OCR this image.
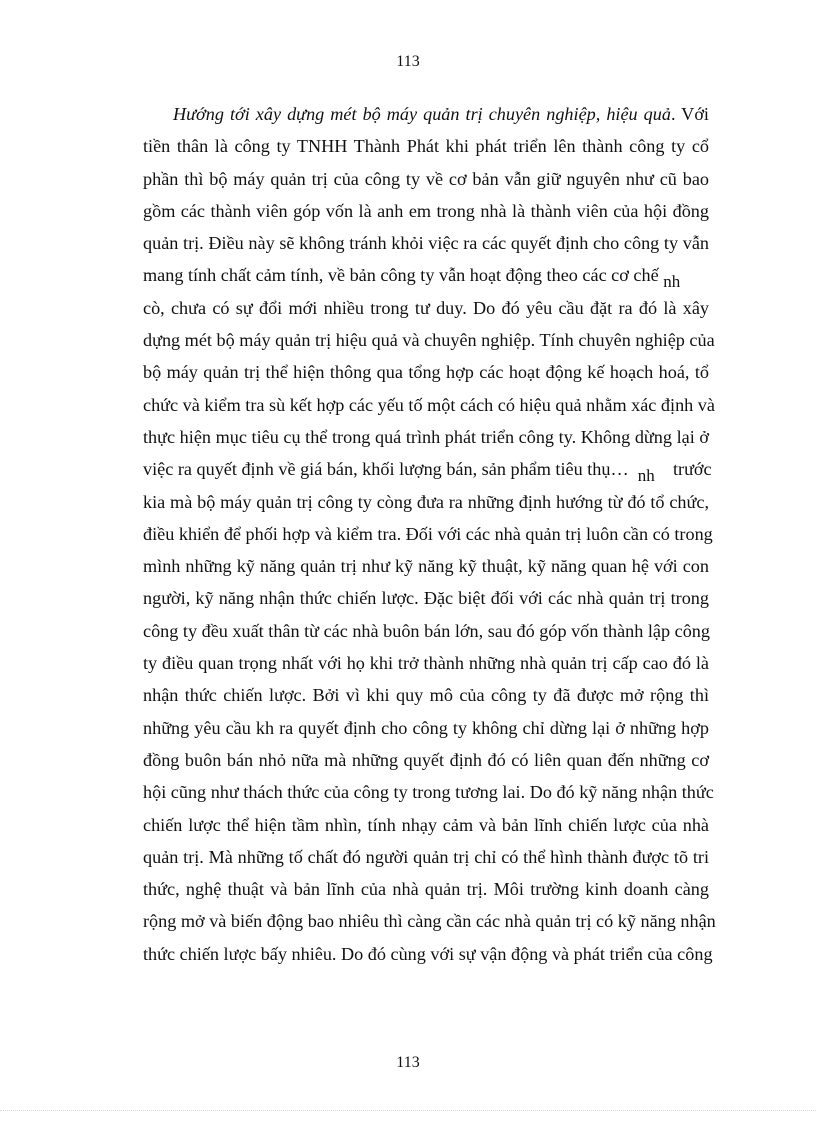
113
Hướng tới xây dựng mét bộ máy quản trị chuyên nghiệp, hiệu quả. Với
tiền thân là công ty TNHH Thành Phát khi phát triển lên thành công ty cổ
phần thì bộ máy quản trị của công ty về cơ bản vẫn giữ nguyên như cũ bao
gồm các thành viên góp vốn là anh em trong nhà là thành viên của hội đồng
quản trị. Điều này sẽ không tránh khỏi việc ra các quyết định cho công ty vẫn
mang tính chất cảm tính, về bản công ty vẫn hoạt động theo các cơ chế nh
cò, chưa có sự đổi mới nhiều trong tư duy. Do đó yêu cầu đặt ra đó là xây
dựng mét bộ máy quản trị hiệu quả và chuyên nghiệp. Tính chuyên nghiệp của
bộ máy quản trị thể hiện thông qua tổng hợp các hoạt động kế hoạch hoá, tổ
chức và kiểm tra sù kết hợp các yếu tố một cách có hiệu quả nhằm xác định và
thực hiện mục tiêu cụ thể trong quá trình phát triển công ty. Không dừng lại ở
việc ra quyết định về giá bán, khối lượng bán, sản phẩm tiêu thụ… nh trước
kia mà bộ máy quản trị công ty còng đưa ra những định hướng từ đó tổ chức,
điều khiển để phối hợp và kiểm tra. Đối với các nhà quản trị luôn cần có trong
mình những kỹ năng quản trị như kỹ năng kỹ thuật, kỹ năng quan hệ với con
người, kỹ năng nhận thức chiến lược. Đặc biệt đối với các nhà quản trị trong
công ty đều xuất thân từ các nhà buôn bán lớn, sau đó góp vốn thành lập công
ty điều quan trọng nhất với họ khi trở thành những nhà quản trị cấp cao đó là
nhận thức chiến lược. Bởi vì khi quy mô của công ty đã được mở rộng thì
những yêu cầu kh ra quyết định cho công ty không chỉ dừng lại ở những hợp
đồng buôn bán nhỏ nữa mà những quyết định đó có liên quan đến những cơ
hội cũng như thách thức của công ty trong tương lai. Do đó kỹ năng nhận thức
chiến lược thể hiện tầm nhìn, tính nhạy cảm và bản lĩnh chiến lược của nhà
quản trị. Mà những tố chất đó người quản trị chỉ có thể hình thành được tõ tri
thức, nghệ thuật và bản lĩnh của nhà quản trị. Môi trường kinh doanh càng
rộng mở và biến động bao nhiêu thì càng cần các nhà quản trị có kỹ năng nhận
thức chiến lược bấy nhiêu. Do đó cùng với sự vận động và phát triển của công
113
